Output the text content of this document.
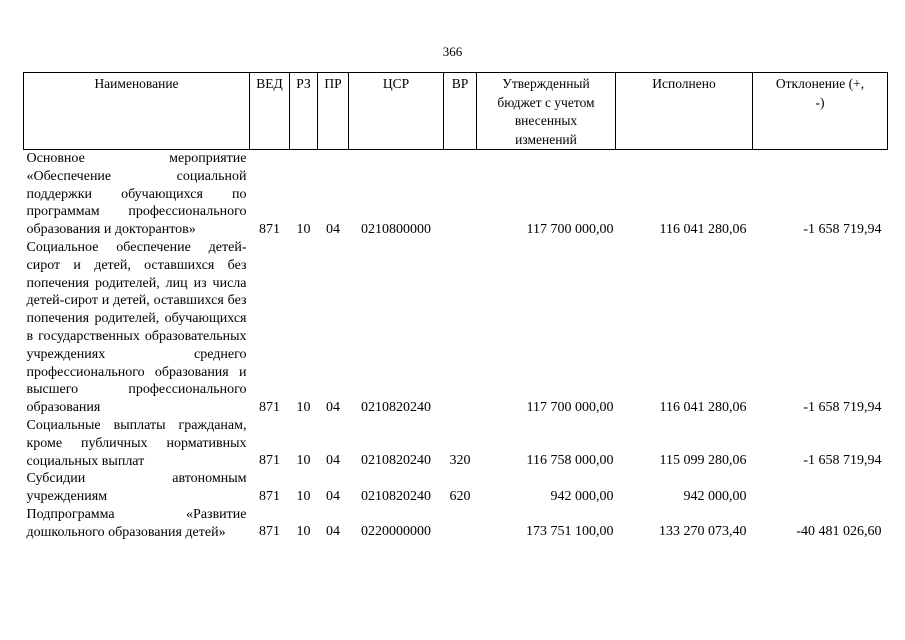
366
Наименование	ВЕД	РЗ	ПР	ЦСР	ВР	Утвержденный бюджет с учетом внесенных изменений	Исполнено	Отклонение (+, -)
Основное мероприятие «Обеспечение социальной поддержки обучающихся по программам профессионального образования и докторантов»	871	10	04	0210800000		117 700 000,00	116 041 280,06	-1 658 719,94
Социальное обеспечение детей-сирот и детей, оставшихся без попечения родителей, лиц из числа детей-сирот и детей, оставшихся без попечения родителей, обучающихся в государственных образовательных учреждениях среднего профессионального образования и высшего профессионального образования	871	10	04	0210820240		117 700 000,00	116 041 280,06	-1 658 719,94
Социальные выплаты гражданам, кроме публичных нормативных социальных выплат	871	10	04	0210820240	320	116 758 000,00	115 099 280,06	-1 658 719,94
Субсидии автономным учреждениям	871	10	04	0210820240	620	942 000,00	942 000,00	
Подпрограмма «Развитие дошкольного образования детей»	871	10	04	0220000000		173 751 100,00	133 270 073,40	-40 481 026,60
